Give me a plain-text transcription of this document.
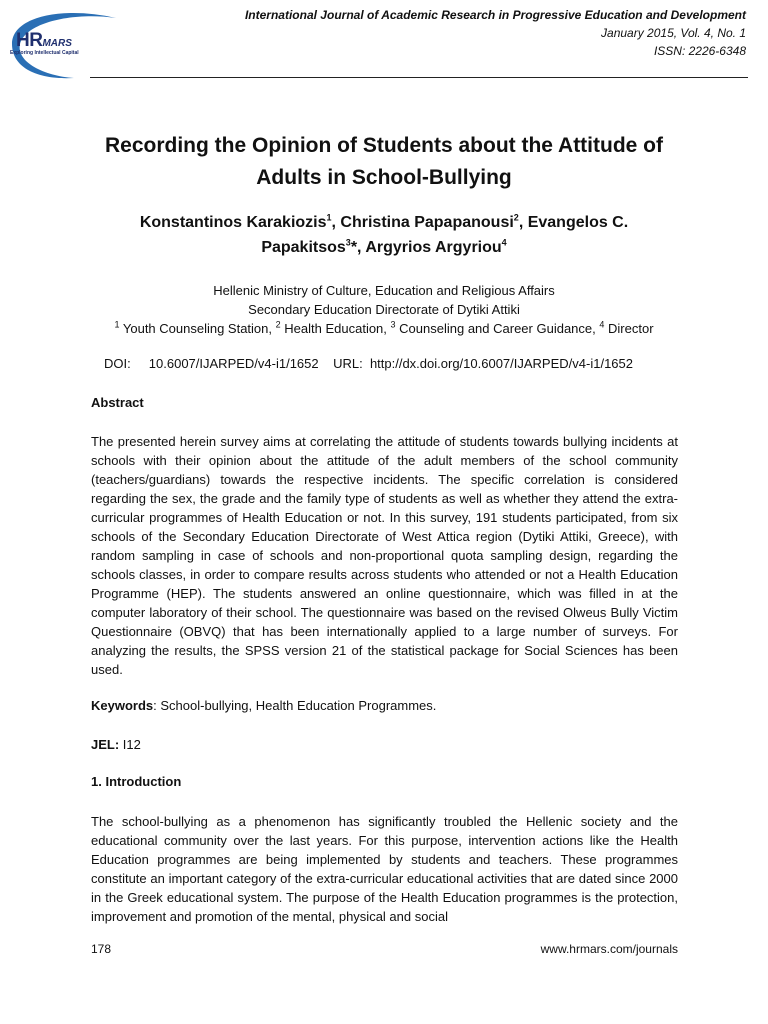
HRMARS
Exploring Intellectual Capital
International Journal of Academic Research in Progressive Education and Development
January 2015, Vol. 4, No. 1
ISSN: 2226-6348
Recording the Opinion of Students about the Attitude of
Adults in School-Bullying
Konstantinos Karakiozis$^1$, Christina Papapanousi$^2$, Evangelos C.
Papakitsos$^3$*, Argyrios Argyriou$^4$
Hellenic Ministry of Culture, Education and Religious Affairs
Secondary Education Directorate of Dytiki Attiki
$^1$ Youth Counseling Station, $^2$ Health Education, $^3$ Counseling and Career Guidance, $^4$ Director
DOI: 10.6007/IJARPED/v4-i1/1652 URL: http://dx.doi.org/10.6007/IJARPED/v4-i1/1652
Abstract
The presented herein survey aims at correlating the attitude of students towards bullying incidents at schools with their opinion about the attitude of the adult members of the school community (teachers/guardians) towards the respective incidents. The specific correlation is considered regarding the sex, the grade and the family type of students as well as whether they attend the extra-curricular programmes of Health Education or not. In this survey, 191 students participated, from six schools of the Secondary Education Directorate of West Attica region (Dytiki Attiki, Greece), with random sampling in case of schools and non-proportional quota sampling design, regarding the schools classes, in order to compare results across students who attended or not a Health Education Programme (HEP). The students answered an online questionnaire, which was filled in at the computer laboratory of their school. The questionnaire was based on the revised Olweus Bully Victim Questionnaire (OBVQ) that has been internationally applied to a large number of surveys. For analyzing the results, the SPSS version 21 of the statistical package for Social Sciences has been used.
Keywords: School-bullying, Health Education Programmes.
JEL: I12
1. Introduction
The school-bullying as a phenomenon has significantly troubled the Hellenic society and the educational community over the last years. For this purpose, intervention actions like the Health Education programmes are being implemented by students and teachers. These programmes constitute an important category of the extra-curricular educational activities that are dated since 2000 in the Greek educational system. The purpose of the Health Education programmes is the protection, improvement and promotion of the mental, physical and social
178	www.hrmars.com/journals
